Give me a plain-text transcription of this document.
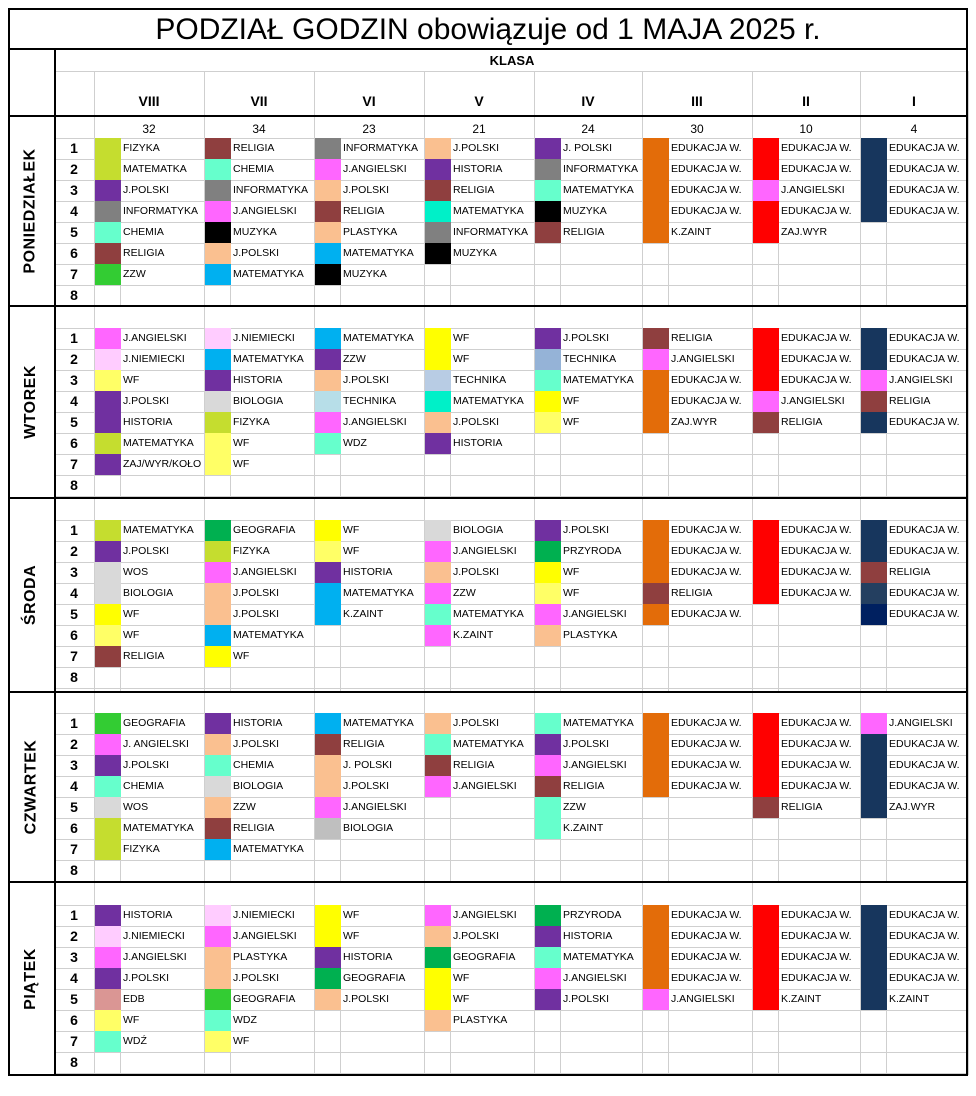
PODZIAŁ GODZIN obowiązuje od 1 MAJA 2025 r.
KLASA
VIII
32
VII
34
VI
23
V
21
IV
24
III
30
II
10
I
4
PONIEDZIAŁEK
1
2
3
4
5
6
7
8
FIZYKA
MATEMATKA
J.POLSKI
INFORMATYKA
CHEMIA
RELIGIA
ZZW
RELIGIA
CHEMIA
INFORMATYKA
J.ANGIELSKI
MUZYKA
J.POLSKI
MATEMATYKA
INFORMATYKA
J.ANGIELSKI
J.POLSKI
RELIGIA
PLASTYKA
MATEMATYKA
MUZYKA
J.POLSKI
HISTORIA
RELIGIA
MATEMATYKA
INFORMATYKA
MUZYKA
J. POLSKI
INFORMATYKA
MATEMATYKA
MUZYKA
RELIGIA
EDUKACJA W.
EDUKACJA W.
EDUKACJA W.
EDUKACJA W.
K.ZAINT
EDUKACJA W.
EDUKACJA W.
J.ANGIELSKI
EDUKACJA W.
ZAJ.WYR
EDUKACJA W.
EDUKACJA W.
EDUKACJA W.
EDUKACJA W.
WTOREK
1
2
3
4
5
6
7
8
J.ANGIELSKI
J.NIEMIECKI
WF
J.POLSKI
HISTORIA
MATEMATYKA
ZAJ/WYR/KOŁO
J.NIEMIECKI
MATEMATYKA
HISTORIA
BIOLOGIA
FIZYKA
WF
WF
MATEMATYKA
ZZW
J.POLSKI
TECHNIKA
J.ANGIELSKI
WDZ
WF
WF
TECHNIKA
MATEMATYKA
J.POLSKI
HISTORIA
J.POLSKI
TECHNIKA
MATEMATYKA
WF
WF
RELIGIA
J.ANGIELSKI
EDUKACJA W.
EDUKACJA W.
ZAJ.WYR
EDUKACJA W.
EDUKACJA W.
EDUKACJA W.
J.ANGIELSKI
RELIGIA
EDUKACJA W.
EDUKACJA W.
J.ANGIELSKI
RELIGIA
EDUKACJA W.
ŚRODA
1
2
3
4
5
6
7
8
MATEMATYKA
J.POLSKI
WOS
BIOLOGIA
WF
WF
RELIGIA
GEOGRAFIA
FIZYKA
J.ANGIELSKI
J.POLSKI
J.POLSKI
MATEMATYKA
WF
WF
WF
HISTORIA
MATEMATYKA
K.ZAINT
BIOLOGIA
J.ANGIELSKI
J.POLSKI
ZZW
MATEMATYKA
K.ZAINT
J.POLSKI
PRZYRODA
WF
WF
J.ANGIELSKI
PLASTYKA
EDUKACJA W.
EDUKACJA W.
EDUKACJA W.
RELIGIA
EDUKACJA W.
EDUKACJA W.
EDUKACJA W.
EDUKACJA W.
EDUKACJA W.
EDUKACJA W.
EDUKACJA W.
RELIGIA
EDUKACJA W.
EDUKACJA W.
CZWARTEK
1
2
3
4
5
6
7
8
GEOGRAFIA
J. ANGIELSKI
J.POLSKI
CHEMIA
WOS
MATEMATYKA
FIZYKA
HISTORIA
J.POLSKI
CHEMIA
BIOLOGIA
ZZW
RELIGIA
MATEMATYKA
MATEMATYKA
RELIGIA
J. POLSKI
J.POLSKI
J.ANGIELSKI
BIOLOGIA
J.POLSKI
MATEMATYKA
RELIGIA
J.ANGIELSKI
MATEMATYKA
J.POLSKI
J.ANGIELSKI
RELIGIA
ZZW
K.ZAINT
EDUKACJA W.
EDUKACJA W.
EDUKACJA W.
EDUKACJA W.
EDUKACJA W.
EDUKACJA W.
EDUKACJA W.
EDUKACJA W.
RELIGIA
J.ANGIELSKI
EDUKACJA W.
EDUKACJA W.
EDUKACJA W.
ZAJ.WYR
PIĄTEK
1
2
3
4
5
6
7
8
HISTORIA
J.NIEMIECKI
J.ANGIELSKI
J.POLSKI
EDB
WF
WDŹ
J.NIEMIECKI
J.ANGIELSKI
PLASTYKA
J.POLSKI
GEOGRAFIA
WDZ
WF
WF
WF
HISTORIA
GEOGRAFIA
J.POLSKI
J.ANGIELSKI
J.POLSKI
GEOGRAFIA
WF
WF
PLASTYKA
PRZYRODA
HISTORIA
MATEMATYKA
J.ANGIELSKI
J.POLSKI
EDUKACJA W.
EDUKACJA W.
EDUKACJA W.
EDUKACJA W.
J.ANGIELSKI
EDUKACJA W.
EDUKACJA W.
EDUKACJA W.
EDUKACJA W.
K.ZAINT
EDUKACJA W.
EDUKACJA W.
EDUKACJA W.
EDUKACJA W.
K.ZAINT
